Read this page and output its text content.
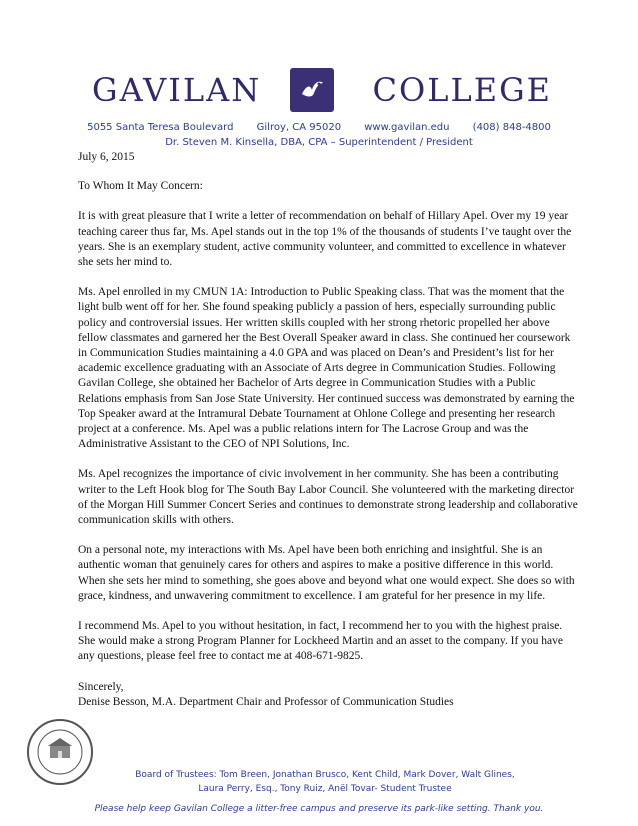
GAVILAN	COLLEGE
5055 Santa Teresa Boulevard Gilroy, CA 95020 www.gavilan.edu (408) 848-4800
Dr. Steven M. Kinsella, DBA, CPA – Superintendent / President

July 6, 2015

To Whom It May Concern:

It is with great pleasure that I write a letter of recommendation on behalf of Hillary Apel. Over my 19 year teaching career thus far, Ms. Apel stands out in the top 1% of the thousands of students I’ve taught over the years. She is an exemplary student, active community volunteer, and committed to excellence in whatever she sets her mind to.

Ms. Apel enrolled in my CMUN 1A: Introduction to Public Speaking class. That was the moment that the light bulb went off for her. She found speaking publicly a passion of hers, especially surrounding public policy and controversial issues. Her written skills coupled with her strong rhetoric propelled her above fellow classmates and garnered her the Best Overall Speaker award in class. She continued her coursework in Communication Studies maintaining a 4.0 GPA and was placed on Dean’s and President’s list for her academic excellence graduating with an Associate of Arts degree in Communication Studies. Following Gavilan College, she obtained her Bachelor of Arts degree in Communication Studies with a Public Relations emphasis from San Jose State University. Her continued success was demonstrated by earning the Top Speaker award at the Intramural Debate Tournament at Ohlone College and presenting her research project at a conference. Ms. Apel was a public relations intern for The Lacrose Group and was the Administrative Assistant to the CEO of NPI Solutions, Inc.

Ms. Apel recognizes the importance of civic involvement in her community. She has been a contributing writer to the Left Hook blog for The South Bay Labor Council. She volunteered with the marketing director of the Morgan Hill Summer Concert Series and continues to demonstrate strong leadership and collaborative communication skills with others.

On a personal note, my interactions with Ms. Apel have been both enriching and insightful. She is an authentic woman that genuinely cares for others and aspires to make a positive difference in this world. When she sets her mind to something, she goes above and beyond what one would expect. She does so with grace, kindness, and unwavering commitment to excellence. I am grateful for her presence in my life.

I recommend Ms. Apel to you without hesitation, in fact, I recommend her to you with the highest praise. She would make a strong Program Planner for Lockheed Martin and an asset to the company. If you have any questions, please feel free to contact me at 408-671-9825.

Sincerely,

Denise Besson, M.A. Department Chair and Professor of Communication Studies

Board of Trustees: Tom Breen, Jonathan Brusco, Kent Child, Mark Dover, Walt Glines,
Laura Perry, Esq., Tony Ruiz, Anël Tovar- Student Trustee
Please help keep Gavilan College a litter-free campus and preserve its park-like setting. Thank you.
